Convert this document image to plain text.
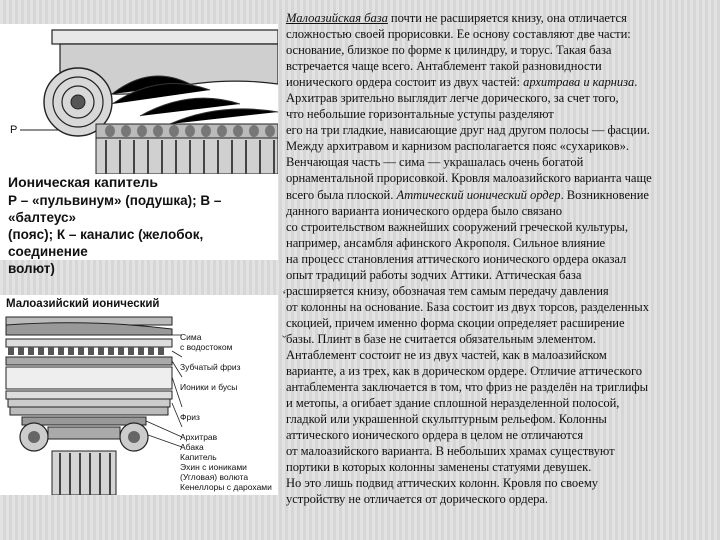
Р
Ионическая капитель
Р – «пульвинум» (подушка); В – «балтеус»
(пояс); К – каналис (желобок, соединение
волют)
Малоазийский ионический
Сима
с водостоком

Зубчатый фриз

Ионики и бусы

Фриз

Архитрав
Абака
Капитель
Эхин с иониками
(Угловая) волюта
Кенеллоры с дарохами
‘
ˇ
Малоазийская база почти не расширяется книзу, она отличается
сложностью своей прорисовки. Ее основу составляют две части:
основание, близкое по форме к цилиндру, и торус. Такая база
встречается чаще всего. Антаблемент такой разновидности
ионического ордера состоит из двух частей: архитрава и карниза.
Архитрав зрительно выглядит легче дорического, за счет того,
что небольшие горизонтальные уступы разделяют
его на три гладкие, нависающие друг над другом полосы — фасции.
Между архитравом и карнизом располагается пояс «сухариков».
Венчающая часть — сима — украшалась очень богатой
орнаментальной прорисовкой. Кровля малоазийского варианта чаще
всего была плоской. Аттический ионический ордер. Возникновение
данного варианта ионического ордера было связано
со строительством важнейших сооружений греческой культуры,
например, ансамбля афинского Акрополя. Сильное влияние
на процесс становления аттического ионического ордера оказал
опыт традиций работы зодчих Аттики. Аттическая база
расширяется книзу, обозначая тем самым передачу давления
от колонны на основание. База состоит из двух торсов, разделенных
скоцией, причем именно форма скоции определяет расширение
базы. Плинт в базе не считается обязательным элементом.
Антаблемент состоит не из двух частей, как в малоазийском
варианте, а из трех, как в дорическом ордере. Отличие аттического
антаблемента заключается в том, что фриз не разделён на триглифы
и метопы, а огибает здание сплошной неразделенной полосой,
гладкой или украшенной скульптурным рельефом. Колонны
аттического ионического ордера в целом не отличаются
от малоазийского варианта. В небольших храмах существуют
портики в которых колонны заменены статуями девушек.
Но это лишь подвид аттических колонн. Кровля по своему
устройству не отличается от дорического ордера.
